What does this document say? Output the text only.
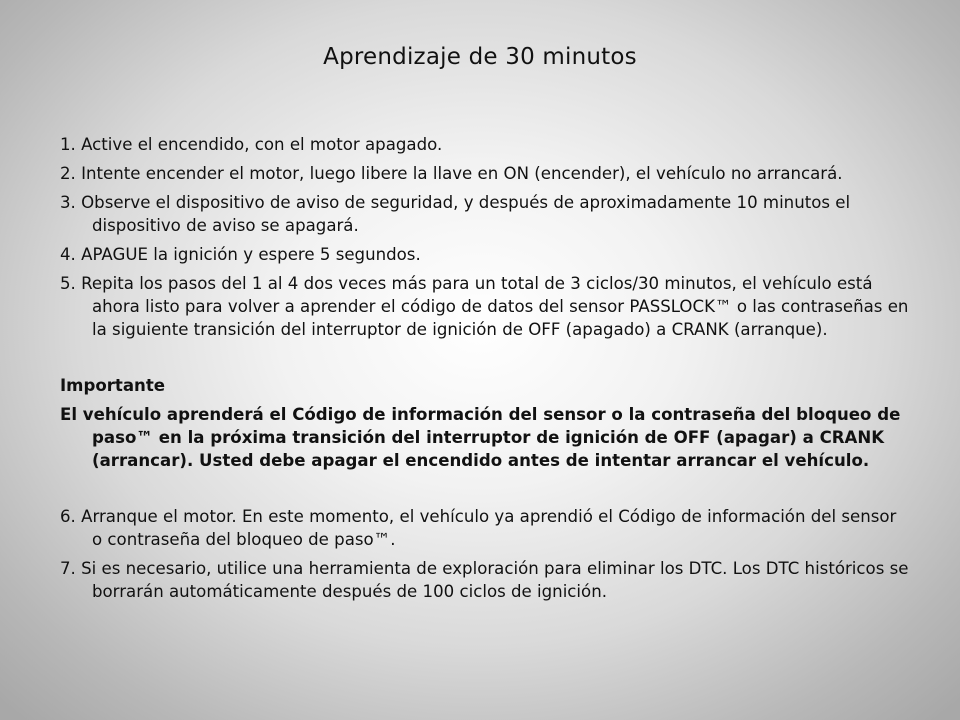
Aprendizaje de 30 minutos

1. Active el encendido, con el motor apagado.

2. Intente encender el motor, luego libere la llave en ON (encender), el vehículo no arrancará.

3. Observe el dispositivo de aviso de seguridad, y después de aproximadamente 10 minutos el dispositivo de aviso se apagará.

4. APAGUE la ignición y espere 5 segundos.

5. Repita los pasos del 1 al 4 dos veces más para un total de 3 ciclos/30 minutos, el vehículo está ahora listo para volver a aprender el código de datos del sensor PASSLOCK™ o las contraseñas en la siguiente transición del interruptor de ignición de OFF (apagado) a CRANK (arranque).

Importante

El vehículo aprenderá el Código de información del sensor o la contraseña del bloqueo de paso™ en la próxima transición del interruptor de ignición de OFF (apagar) a CRANK (arrancar). Usted debe apagar el encendido antes de intentar arrancar el vehículo.

6. Arranque el motor. En este momento, el vehículo ya aprendió el Código de información del sensor o contraseña del bloqueo de paso™.

7. Si es necesario, utilice una herramienta de exploración para eliminar los DTC. Los DTC históricos se borrarán automáticamente después de 100 ciclos de ignición.
